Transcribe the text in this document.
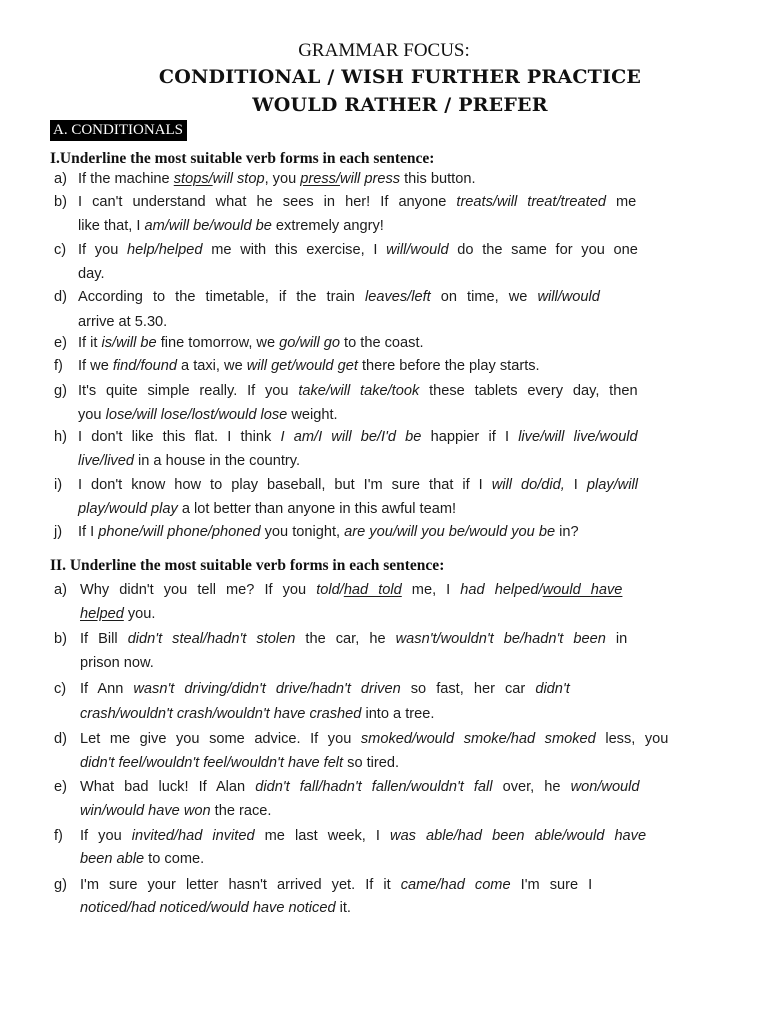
GRAMMAR FOCUS:
CONDITIONAL / WISH FURTHER PRACTICE
WOULD RATHER / PREFER
A. CONDITIONALS
I.Underline the most suitable verb forms in each sentence:
II. Underline the most suitable verb forms in each sentence:
a) If the machine stops/will stop, you press/will press this button.
b) I can't understand what he sees in her! If anyone treats/will treat/treated me
like that, I am/will be/would be extremely angry!
c) If you help/helped me with this exercise, I will/would do the same for you one
day.
d) According to the timetable, if the train leaves/left on time, we will/would
arrive at 5.30.
e) If it is/will be fine tomorrow, we go/will go to the coast.
f) If we find/found a taxi, we will get/would get there before the play starts.
g) It's quite simple really. If you take/will take/took these tablets every day, then
you lose/will lose/lost/would lose weight.
h) I don't like this flat. I think I am/I will be/I'd be happier if I live/will live/would
live/lived in a house in the country.
i) I don't know how to play baseball, but I'm sure that if I will do/did, I play/will
play/would play a lot better than anyone in this awful team!
j) If I phone/will phone/phoned you tonight, are you/will you be/would you be in?
a) Why didn't you tell me? If you told/had told me, I had helped/would have
helped you.
b) If Bill didn't steal/hadn't stolen the car, he wasn't/wouldn't be/hadn't been in
prison now.
c) If Ann wasn't driving/didn't drive/hadn't driven so fast, her car didn't
crash/wouldn't crash/wouldn't have crashed into a tree.
d) Let me give you some advice. If you smoked/would smoke/had smoked less, you
didn't feel/wouldn't feel/wouldn't have felt so tired.
e) What bad luck! If Alan didn't fall/hadn't fallen/wouldn't fall over, he won/would
win/would have won the race.
f) If you invited/had invited me last week, I was able/had been able/would have
been able to come.
g) I'm sure your letter hasn't arrived yet. If it came/had come I'm sure I
noticed/had noticed/would have noticed it.
